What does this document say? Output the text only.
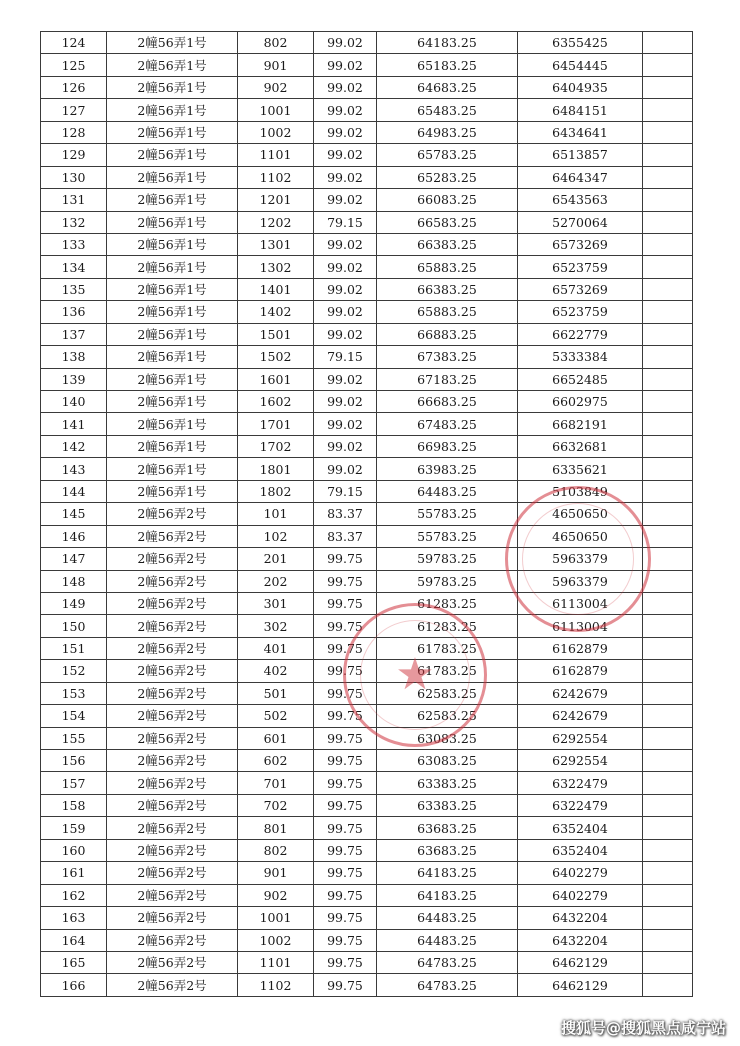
124	2幢56弄1号	802	99.02	64183.25	6355425	
125	2幢56弄1号	901	99.02	65183.25	6454445	
126	2幢56弄1号	902	99.02	64683.25	6404935	
127	2幢56弄1号	1001	99.02	65483.25	6484151	
128	2幢56弄1号	1002	99.02	64983.25	6434641	
129	2幢56弄1号	1101	99.02	65783.25	6513857	
130	2幢56弄1号	1102	99.02	65283.25	6464347	
131	2幢56弄1号	1201	99.02	66083.25	6543563	
132	2幢56弄1号	1202	79.15	66583.25	5270064	
133	2幢56弄1号	1301	99.02	66383.25	6573269	
134	2幢56弄1号	1302	99.02	65883.25	6523759	
135	2幢56弄1号	1401	99.02	66383.25	6573269	
136	2幢56弄1号	1402	99.02	65883.25	6523759	
137	2幢56弄1号	1501	99.02	66883.25	6622779	
138	2幢56弄1号	1502	79.15	67383.25	5333384	
139	2幢56弄1号	1601	99.02	67183.25	6652485	
140	2幢56弄1号	1602	99.02	66683.25	6602975	
141	2幢56弄1号	1701	99.02	67483.25	6682191	
142	2幢56弄1号	1702	99.02	66983.25	6632681	
143	2幢56弄1号	1801	99.02	63983.25	6335621	
144	2幢56弄1号	1802	79.15	64483.25	5103849	
145	2幢56弄2号	101	83.37	55783.25	4650650	
146	2幢56弄2号	102	83.37	55783.25	4650650	
147	2幢56弄2号	201	99.75	59783.25	5963379	
148	2幢56弄2号	202	99.75	59783.25	5963379	
149	2幢56弄2号	301	99.75	61283.25	6113004	
150	2幢56弄2号	302	99.75	61283.25	6113004	
151	2幢56弄2号	401	99.75	61783.25	6162879	
152	2幢56弄2号	402	99.75	61783.25	6162879	
153	2幢56弄2号	501	99.75	62583.25	6242679	
154	2幢56弄2号	502	99.75	62583.25	6242679	
155	2幢56弄2号	601	99.75	63083.25	6292554	
156	2幢56弄2号	602	99.75	63083.25	6292554	
157	2幢56弄2号	701	99.75	63383.25	6322479	
158	2幢56弄2号	702	99.75	63383.25	6322479	
159	2幢56弄2号	801	99.75	63683.25	6352404	
160	2幢56弄2号	802	99.75	63683.25	6352404	
161	2幢56弄2号	901	99.75	64183.25	6402279	
162	2幢56弄2号	902	99.75	64183.25	6402279	
163	2幢56弄2号	1001	99.75	64483.25	6432204	
164	2幢56弄2号	1002	99.75	64483.25	6432204	
165	2幢56弄2号	1101	99.75	64783.25	6462129	
166	2幢56弄2号	1102	99.75	64783.25	6462129	
★
搜狐号@搜狐黑点咸宁站
